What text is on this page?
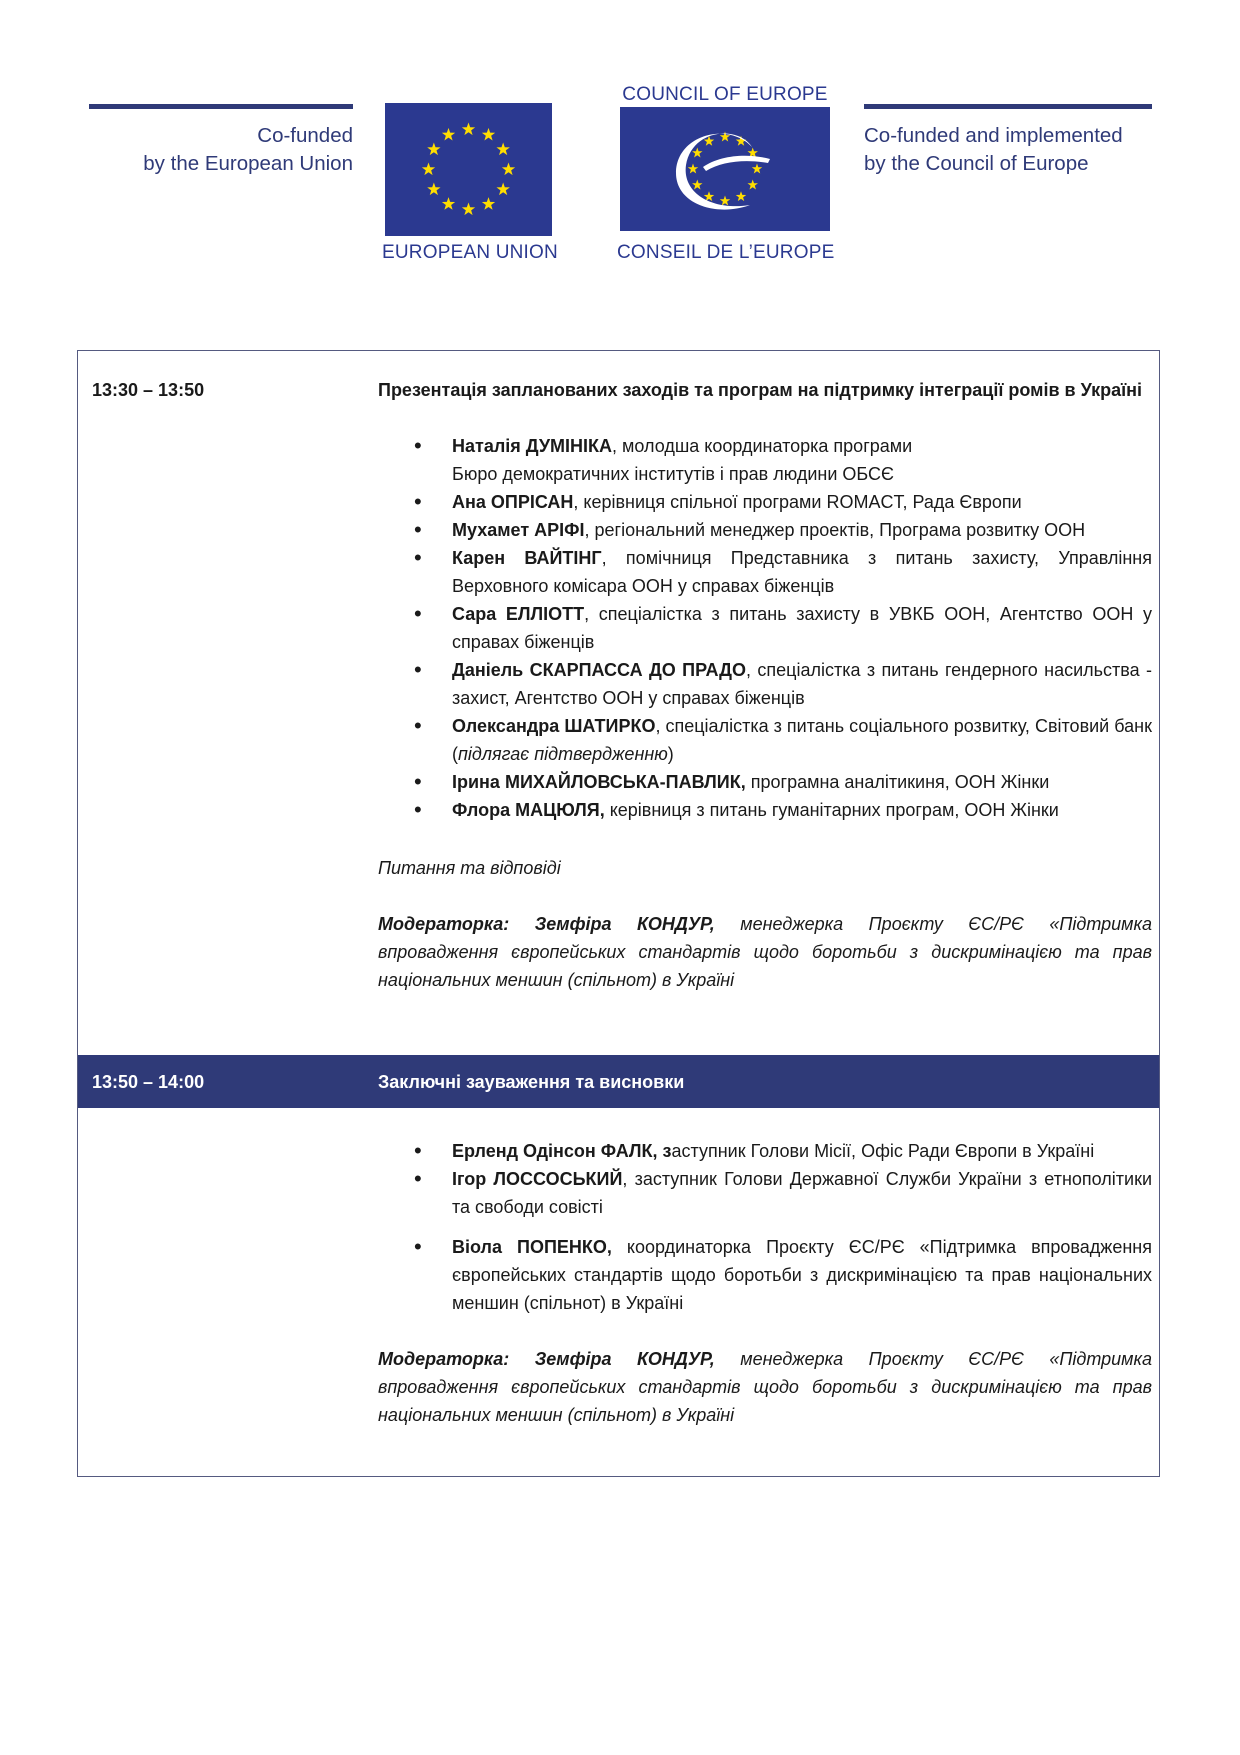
Co-funded
by the European Union
EUROPEAN UNION
COUNCIL OF EUROPE
CONSEIL DE L’EUROPE
Co-funded and implemented
by the Council of Europe
13:30 – 13:50	Презентація запланованих заходів та програм на підтримку інтеграції ромів в Україні
• Наталія ДУМІНІКА, молодша координаторка програми
Бюро демократичних інститутів і прав людини ОБСЄ
• Ана ОПРІСАН, керівниця спільної програми ROMACT, Рада Європи
• Мухамет АРІФІ, регіональний менеджер проектів, Програма розвитку ООН
• Карен ВАЙТІНГ, помічниця Представника з питань захисту, Управління Верховного комісара ООН у справах біженців
• Сара ЕЛЛІОТТ, спеціалістка з питань захисту в УВКБ ООН, Агентство ООН у справах біженців
• Даніель СКАРПАССА ДО ПРАДО, спеціалістка з питань гендерного насильства - захист, Агентство ООН у справах біженців
• Олександра ШАТИРКО, спеціалістка з питань соціального розвитку, Світовий банк (підлягає підтвердженню)
• Ірина МИХАЙЛОВСЬКА-ПАВЛИК, програмна аналітикиня, ООН Жінки
• Флора МАЦЮЛЯ, керівниця з питань гуманітарних програм, ООН Жінки
Питання та відповіді
Модераторка: Земфіра КОНДУР, менеджерка Проєкту ЄС/РЄ «Підтримка впровадження європейських стандартів щодо боротьби з дискримінацією та прав національних меншин (спільнот) в Україні
13:50 – 14:00	Заключні зауваження та висновки
• Ерленд Одінсон ФАЛК, заступник Голови Місії, Офіс Ради Європи в Україні
• Ігор ЛОССОСЬКИЙ, заступник Голови Державної Служби України з етнополітики та свободи совісті
• Віола ПОПЕНКО, координаторка Проєкту ЄС/РЄ «Підтримка впровадження європейських стандартів щодо боротьби з дискримінацією та прав національних меншин (спільнот) в Україні
Модераторка: Земфіра КОНДУР, менеджерка Проєкту ЄС/РЄ «Підтримка впровадження європейських стандартів щодо боротьби з дискримінацією та прав національних меншин (спільнот) в Україні
